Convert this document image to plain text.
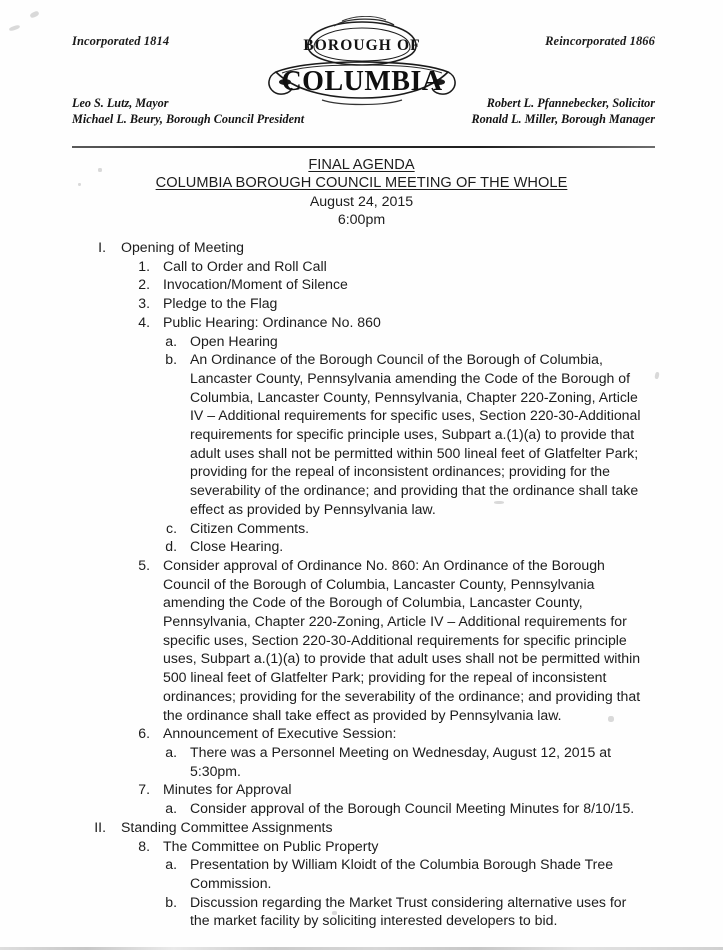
Incorporated 1814	Reincorporated 1866
BOROUGH OF
COLUMBIA
Leo S. Lutz, Mayor
Michael L. Beury, Borough Council President
Robert L. Pfannebecker, Solicitor
Ronald L. Miller, Borough Manager
FINAL AGENDA
COLUMBIA BOROUGH COUNCIL MEETING OF THE WHOLE
August 24, 2015
6:00pm
I. Opening of Meeting
1. Call to Order and Roll Call
2. Invocation/Moment of Silence
3. Pledge to the Flag
4. Public Hearing: Ordinance No. 860
a. Open Hearing
b. An Ordinance of the Borough Council of the Borough of Columbia, Lancaster County, Pennsylvania amending the Code of the Borough of Columbia, Lancaster County, Pennsylvania, Chapter 220-Zoning, Article IV – Additional requirements for specific uses, Section 220-30-Additional requirements for specific principle uses, Subpart a.(1)(a) to provide that adult uses shall not be permitted within 500 lineal feet of Glatfelter Park; providing for the repeal of inconsistent ordinances; providing for the severability of the ordinance; and providing that the ordinance shall take effect as provided by Pennsylvania law.
c. Citizen Comments.
d. Close Hearing.
5. Consider approval of Ordinance No. 860: An Ordinance of the Borough Council of the Borough of Columbia, Lancaster County, Pennsylvania amending the Code of the Borough of Columbia, Lancaster County, Pennsylvania, Chapter 220-Zoning, Article IV – Additional requirements for specific uses, Section 220-30-Additional requirements for specific principle uses, Subpart a.(1)(a) to provide that adult uses shall not be permitted within 500 lineal feet of Glatfelter Park; providing for the repeal of inconsistent ordinances; providing for the severability of the ordinance; and providing that the ordinance shall take effect as provided by Pennsylvania law.
6. Announcement of Executive Session:
a. There was a Personnel Meeting on Wednesday, August 12, 2015 at 5:30pm.
7. Minutes for Approval
a. Consider approval of the Borough Council Meeting Minutes for 8/10/15.
II. Standing Committee Assignments
8. The Committee on Public Property
a. Presentation by William Kloidt of the Columbia Borough Shade Tree Commission.
b. Discussion regarding the Market Trust considering alternative uses for the market facility by soliciting interested developers to bid.
